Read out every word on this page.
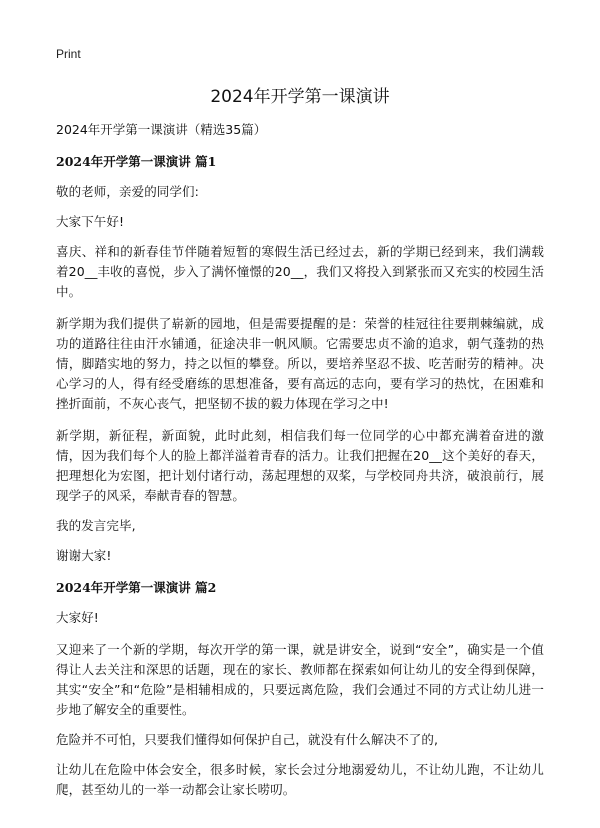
Print

2024年开学第一课演讲

2024年开学第一课演讲（精选35篇）

2024年开学第一课演讲 篇1

敬的老师，亲爱的同学们:

大家下午好!

喜庆、祥和的新春佳节伴随着短暂的寒假生活已经过去，新的学期已经到来，我们满载着20__丰收的喜悦，步入了满怀憧憬的20__，我们又将投入到紧张而又充实的校园生活中。

新学期为我们提供了崭新的园地，但是需要提醒的是：荣誉的桂冠往往要荆棘编就，成功的道路往往由汗水铺通，征途决非一帆风顺。它需要忠贞不渝的追求，朝气蓬勃的热情，脚踏实地的努力，持之以恒的攀登。所以，要培养坚忍不拔、吃苦耐劳的精神。决心学习的人，得有经受磨练的思想准备，要有高远的志向，要有学习的热忱，在困难和挫折面前，不灰心丧气，把坚韧不拔的毅力体现在学习之中!

新学期，新征程，新面貌，此时此刻，相信我们每一位同学的心中都充满着奋进的激情，因为我们每个人的脸上都洋溢着青春的活力。让我们把握在20__这个美好的春天，把理想化为宏图，把计划付诸行动，荡起理想的双桨，与学校同舟共济，破浪前行，展现学子的风采，奉献青春的智慧。

我的发言完毕,

谢谢大家!

2024年开学第一课演讲 篇2

大家好!

又迎来了一个新的学期，每次开学的第一课，就是讲安全，说到“安全”，确实是一个值得让人去关注和深思的话题，现在的家长、教师都在探索如何让幼儿的安全得到保障，其实“安全”和“危险”是相辅相成的，只要远离危险，我们会通过不同的方式让幼儿进一步地了解安全的重要性。

危险并不可怕，只要我们懂得如何保护自己，就没有什么解决不了的,

让幼儿在危险中体会安全，很多时候，家长会过分地溺爱幼儿，不让幼儿跑，不让幼儿爬，甚至幼儿的一举一动都会让家长唠叨。
